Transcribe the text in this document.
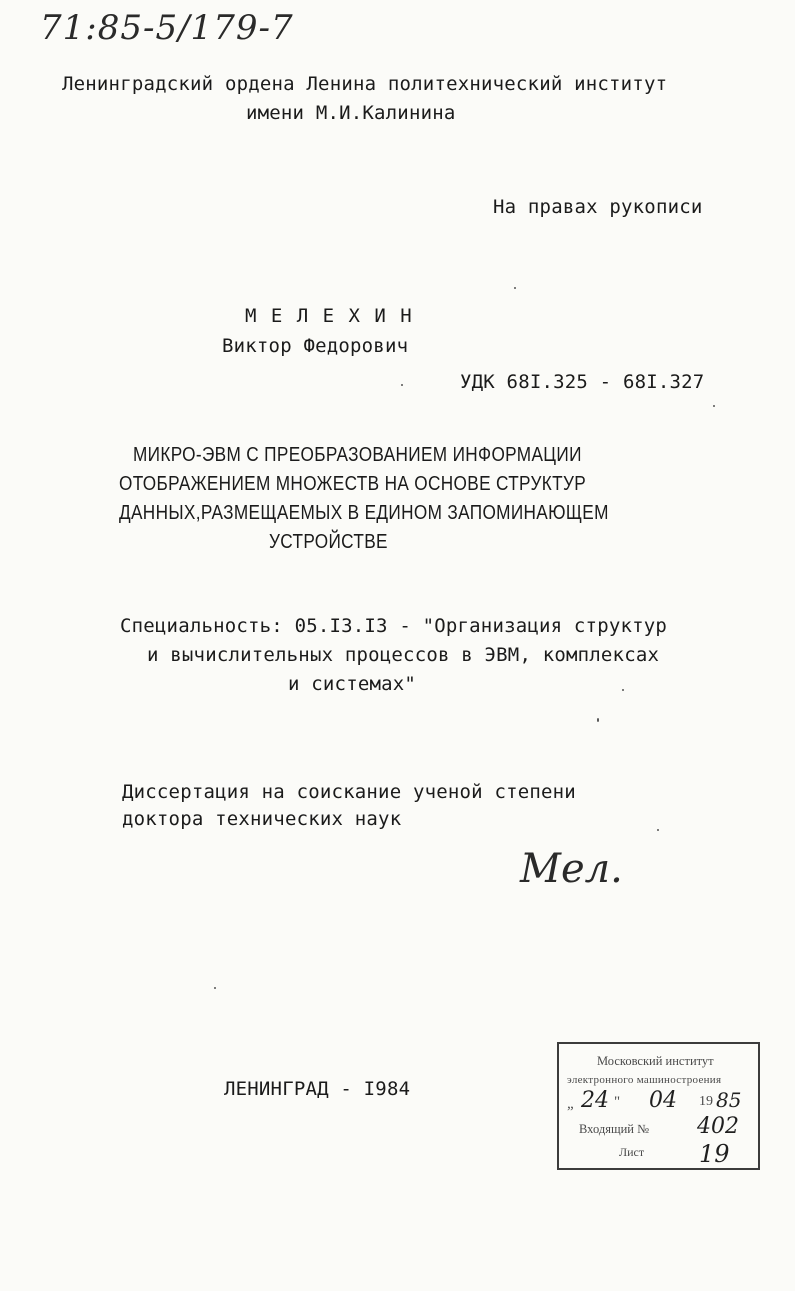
71:85-5/179-7
Ленинградский ордена Ленина политехнический институт
имени М.И.Калинина
На правах рукописи
М Е Л Е Х И Н
Виктор Федорович
УДК 68I.325 - 68I.327
МИКРО-ЭВМ С ПРЕОБРАЗОВАНИЕМ ИНФОРМАЦИИ
ОТОБРАЖЕНИЕМ МНОЖЕСТВ НА ОСНОВЕ СТРУКТУР
ДАННЫХ,РАЗМЕЩАЕМЫХ В ЕДИНОМ ЗАПОМИНАЮЩЕМ
УСТРОЙСТВЕ
Специальность: 05.I3.I3 - "Организация структур
и вычислительных процессов в ЭВМ, комплексах
и системах"
Диссертация на соискание ученой степени
доктора технических наук
Мел.
ЛЕНИНГРАД - I984
Московский институт
электронного машиностроения
„ 24 " 04 19 85
Входящий № 402
Лист 19
